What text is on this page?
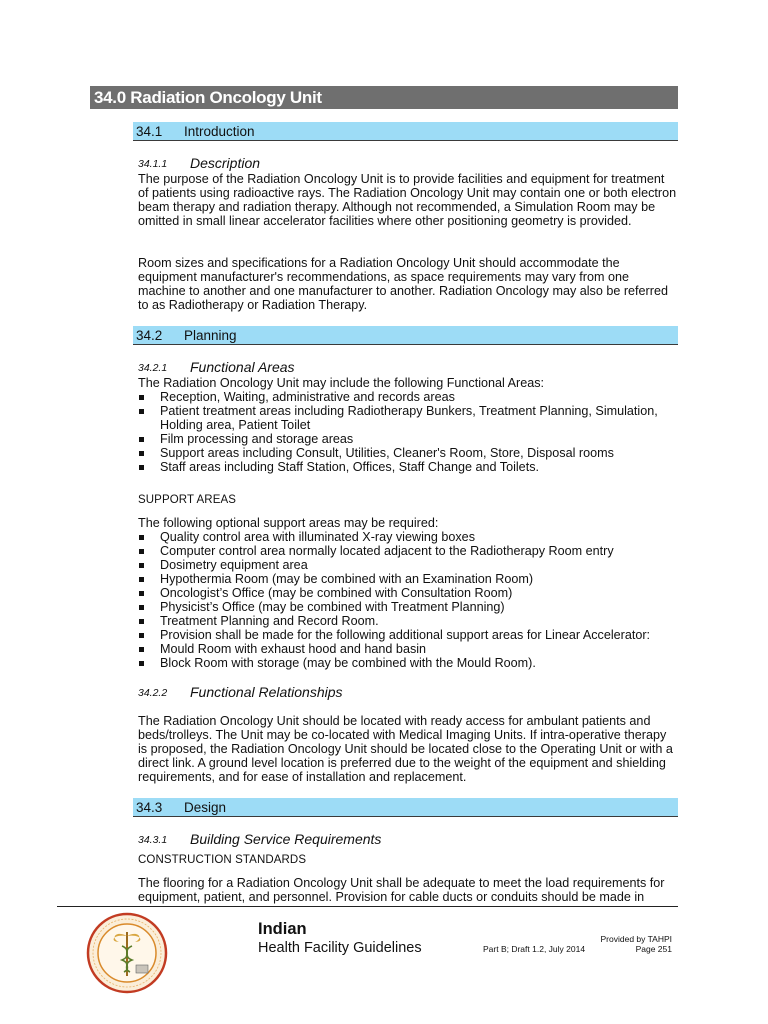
34.0 Radiation Oncology Unit
34.1 Introduction
34.1.1 Description

The purpose of the Radiation Oncology Unit is to provide facilities and equipment for treatment of patients using radioactive rays. The Radiation Oncology Unit may contain one or both electron beam therapy and radiation therapy. Although not recommended, a Simulation Room may be omitted in small linear accelerator facilities where other positioning geometry is provided.

Room sizes and specifications for a Radiation Oncology Unit should accommodate the equipment manufacturer's recommendations, as space requirements may vary from one machine to another and one manufacturer to another. Radiation Oncology may also be referred to as Radiotherapy or Radiation Therapy.

34.2 Planning
34.2.1 Functional Areas

The Radiation Oncology Unit may include the following Functional Areas:

Reception, Waiting, administrative and records areas
Patient treatment areas including Radiotherapy Bunkers, Treatment Planning, Simulation, Holding area, Patient Toilet
Film processing and storage areas
Support areas including Consult, Utilities, Cleaner's Room, Store, Disposal rooms
Staff areas including Staff Station, Offices, Staff Change and Toilets.
SUPPORT AREAS

The following optional support areas may be required:

Quality control area with illuminated X-ray viewing boxes
Computer control area normally located adjacent to the Radiotherapy Room entry
Dosimetry equipment area
Hypothermia Room (may be combined with an Examination Room)
Oncologist’s Office (may be combined with Consultation Room)
Physicist’s Office (may be combined with Treatment Planning)
Treatment Planning and Record Room.
Provision shall be made for the following additional support areas for Linear Accelerator:
Mould Room with exhaust hood and hand basin
Block Room with storage (may be combined with the Mould Room).
34.2.2 Functional Relationships

The Radiation Oncology Unit should be located with ready access for ambulant patients and beds/trolleys. The Unit may be co-located with Medical Imaging Units. If intra-operative therapy is proposed, the Radiation Oncology Unit should be located close to the Operating Unit or with a direct link. A ground level location is preferred due to the weight of the equipment and shielding requirements, and for ease of installation and replacement.

34.3 Design
34.3.1 Building Service Requirements
CONSTRUCTION STANDARDS

The flooring for a Radiation Oncology Unit shall be adequate to meet the load requirements for equipment, patient, and personnel. Provision for cable ducts or conduits should be made in

Indian
Health Facility Guidelines
Provided by TAHPI
Part B; Draft 1.2, July 2014	Page 251
